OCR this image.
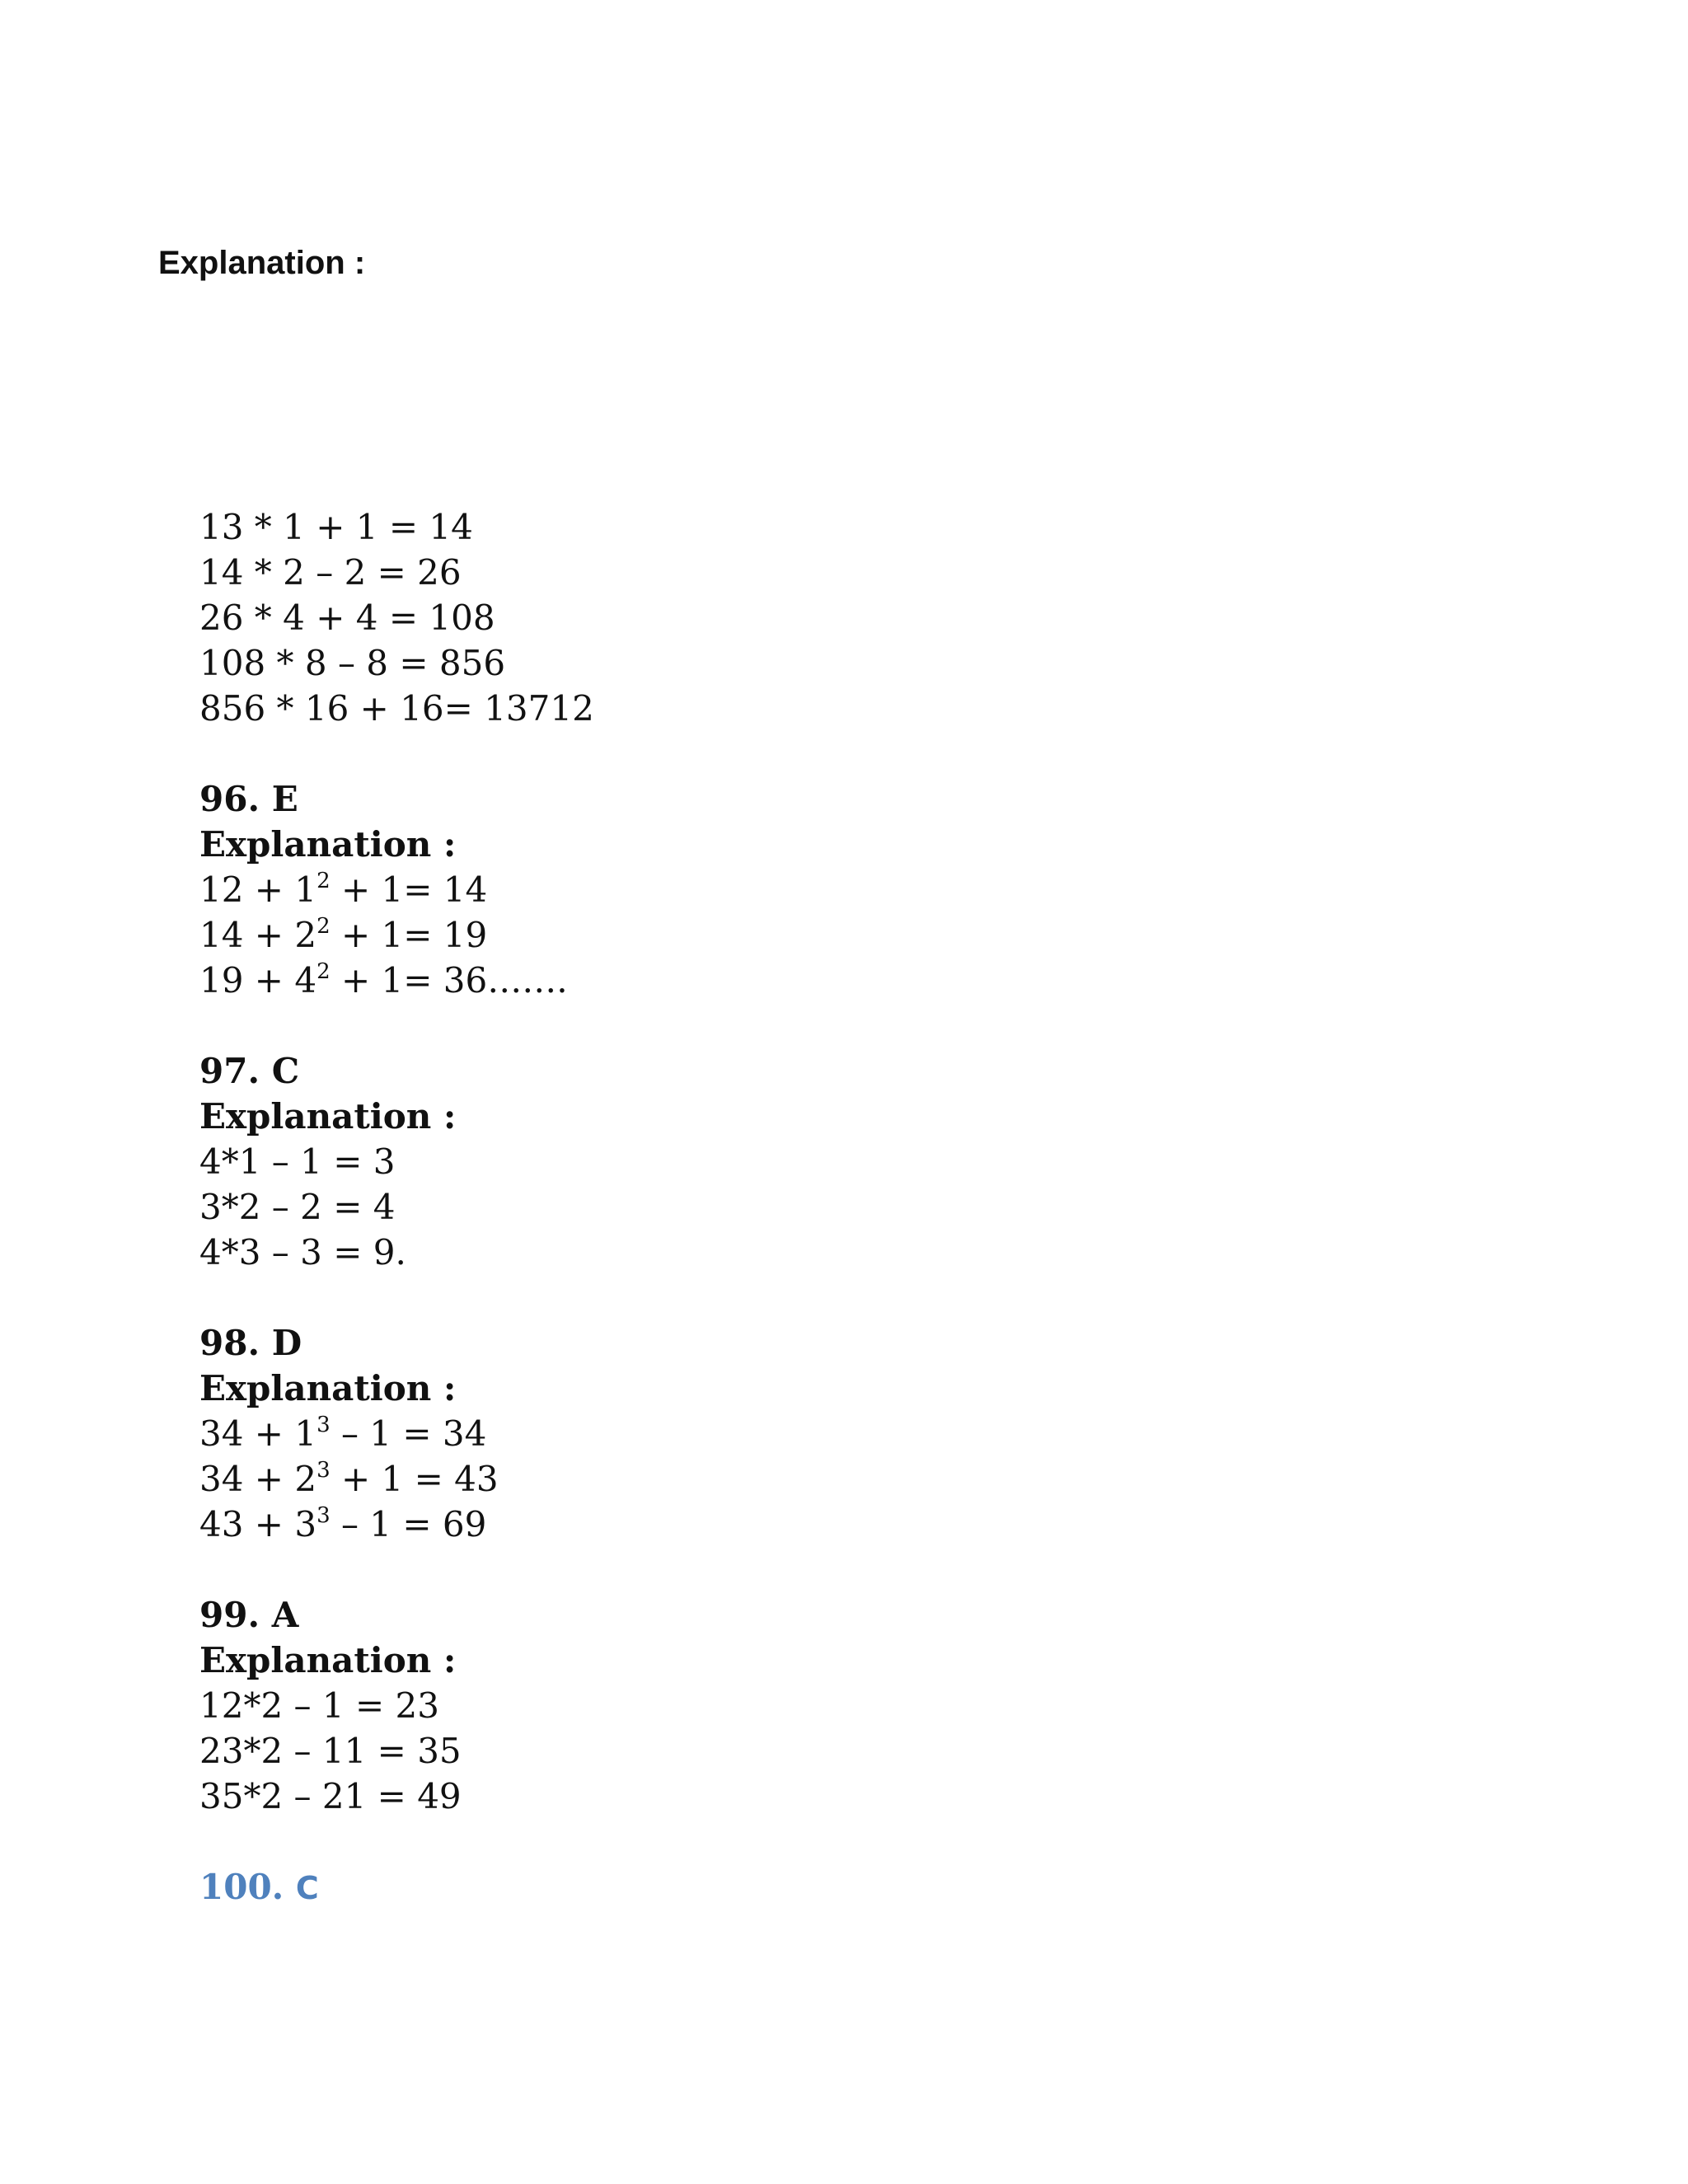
Explanation :
13 * 1 + 1 = 14
14 * 2 – 2 = 26
26 * 4 + 4 = 108
108 * 8 – 8 = 856
856 * 16 + 16= 13712
96. E
Explanation :
$12 + 1^2 + 1= 14$
$14 + 2^2 + 1= 19$
$19 + 4^2 + 1=$ 36…….
97. C
Explanation :
4*1 – 1 = 3
3*2 – 2 = 4
4*3 – 3 = 9.
98. D
Explanation :
$34 + 1^3 - 1 = 34$
$34 + 2^3 + 1 = 43$
$43 + 3^3 - 1 = 69$
99. A
Explanation :
12*2 – 1 = 23
23*2 – 11 = 35
35*2 – 21 = 49
100. C
